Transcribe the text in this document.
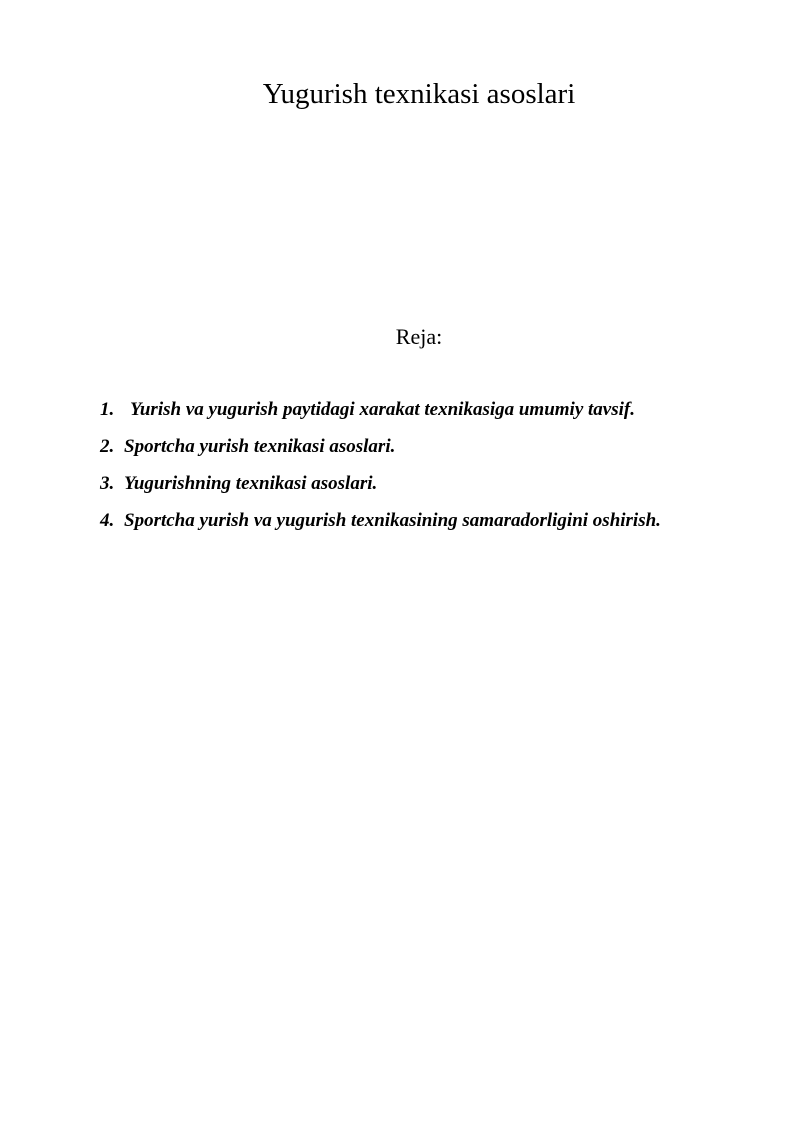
Yugurish texnikasi asoslari
Reja:
1. Yurish va yugurish paytidagi xarakat texnikasiga umumiy tavsif.
2. Sportcha yurish texnikasi asoslari.
3. Yugurishning texnikasi asoslari.
4. Sportcha yurish va yugurish texnikasining samaradorligini oshirish.
